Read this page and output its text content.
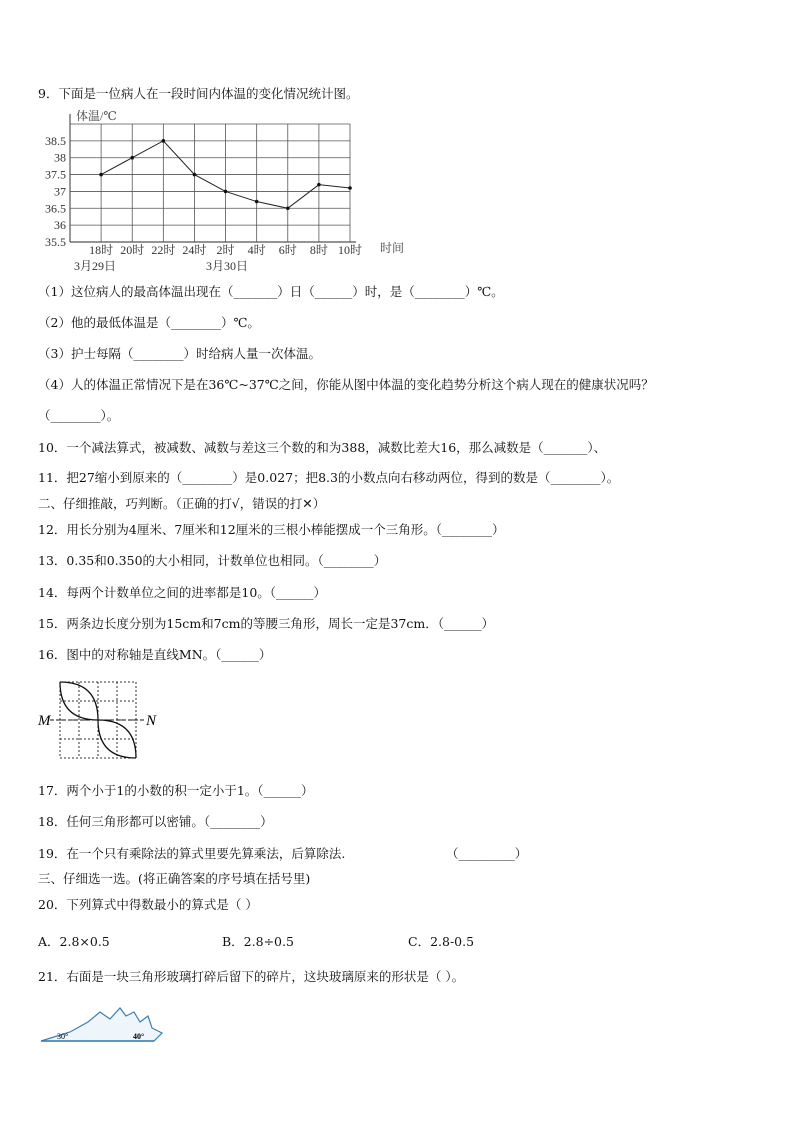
9．下面是一位病人在一段时间内体温的变化情况统计图。
体温/℃
35.5
36
36.5
37
37.5
38
38.5
18时 20时 22时 24时 2时 4时 6时 8时 10时 时间
3月29日	3月30日
（1）这位病人的最高体温出现在（_______）日（______）时，是（________）℃。
（2）他的最低体温是（________）℃。
（3）护士每隔（________）时给病人量一次体温。
（4）人的体温正常情况下是在36℃~37℃之间，你能从图中体温的变化趋势分析这个病人现在的健康状况吗？
（________）。
10．一个减法算式，被减数、减数与差这三个数的和为388，减数比差大16，那么减数是（_______）、
11．把27缩小到原来的（________）是0.027；把8.3的小数点向右移动两位，得到的数是（________）。
二、仔细推敲，巧判断。（正确的打√，错误的打✕）
12．用长分别为4厘米、7厘米和12厘米的三根小棒能摆成一个三角形。（________）
13．0.35和0.350的大小相同，计数单位也相同。（________）
14．每两个计数单位之间的进率都是10。（______）
15．两条边长度分别为15cm和7cm的等腰三角形，周长一定是37cm．（______）
16．图中的对称轴是直线MN。（______）
M	N
17．两个小于1的小数的积一定小于1。（______）
18．任何三角形都可以密铺。（________）
19．在一个只有乘除法的算式里要先算乘法，后算除法.	（_________）
三、仔细选一选。(将正确答案的序号填在括号里)
20．下列算式中得数最小的算式是（ ）
A．2.8×0.5	B．2.8÷0.5	C．2.8-0.5
21．右面是一块三角形玻璃打碎后留下的碎片，这块玻璃原来的形状是（ ）。
30°	40°
